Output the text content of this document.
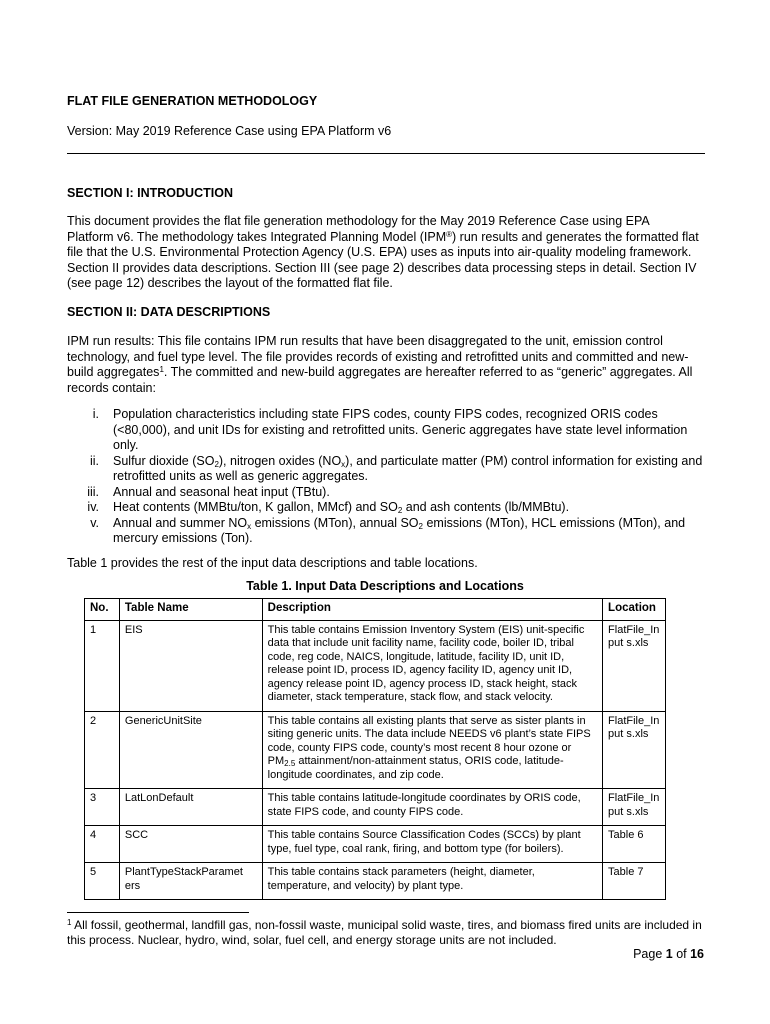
FLAT FILE GENERATION METHODOLOGY
Version: May 2019 Reference Case using EPA Platform v6
SECTION I: INTRODUCTION
This document provides the flat file generation methodology for the May 2019 Reference Case using EPA Platform v6. The methodology takes Integrated Planning Model (IPM®) run results and generates the formatted flat file that the U.S. Environmental Protection Agency (U.S. EPA) uses as inputs into air-quality modeling framework. Section II provides data descriptions. Section III (see page 2) describes data processing steps in detail. Section IV (see page 12) describes the layout of the formatted flat file.
SECTION II: DATA DESCRIPTIONS
IPM run results: This file contains IPM run results that have been disaggregated to the unit, emission control technology, and fuel type level. The file provides records of existing and retrofitted units and committed and new-build aggregates$^1$. The committed and new-build aggregates are hereafter referred to as “generic” aggregates. All records contain:
i. Population characteristics including state FIPS codes, county FIPS codes, recognized ORIS codes (<80,000), and unit IDs for existing and retrofitted units. Generic aggregates have state level information only.
ii. Sulfur dioxide $(SO_2)$, nitrogen oxides $(NO_x)$, and particulate matter (PM) control information for existing and retrofitted units as well as generic aggregates.
iii. Annual and seasonal heat input (TBtu).
iv. Heat contents (MMBtu/ton, K gallon, MMcf) and $SO_2$ and ash contents (lb/MMBtu).
v. Annual and summer $NO_x$ emissions (MTon), annual $SO_2$ emissions (MTon), HCL emissions (MTon), and mercury emissions (Ton).
Table 1 provides the rest of the input data descriptions and table locations.
Table 1. Input Data Descriptions and Locations
No.	Table Name	Description	Location
1	EIS	This table contains Emission Inventory System (EIS) unit-specific data that include unit facility name, facility code, boiler ID, tribal code, reg code, NAICS, longitude, latitude, facility ID, unit ID, release point ID, process ID, agency facility ID, agency unit ID, agency release point ID, agency process ID, stack height, stack diameter, stack temperature, stack flow, and stack velocity.	FlatFile_Input s.xls
2	GenericUnitSite	This table contains all existing plants that serve as sister plants in siting generic units. The data include NEEDS v6 plant’s state FIPS code, county FIPS code, county’s most recent 8 hour ozone or $PM_{2.5}$ attainment/non-attainment status, ORIS code, latitude-longitude coordinates, and zip code.	FlatFile_Input s.xls
3	LatLonDefault	This table contains latitude-longitude coordinates by ORIS code, state FIPS code, and county FIPS code.	FlatFile_Input s.xls
4	SCC	This table contains Source Classification Codes (SCCs) by plant type, fuel type, coal rank, firing, and bottom type (for boilers).	Table 6
5	PlantTypeStackParamet ers	This table contains stack parameters (height, diameter, temperature, and velocity) by plant type.	Table 7
$^1$ All fossil, geothermal, landfill gas, non-fossil waste, municipal solid waste, tires, and biomass fired units are included in this process. Nuclear, hydro, wind, solar, fuel cell, and energy storage units are not included.
Page 1 of 16
